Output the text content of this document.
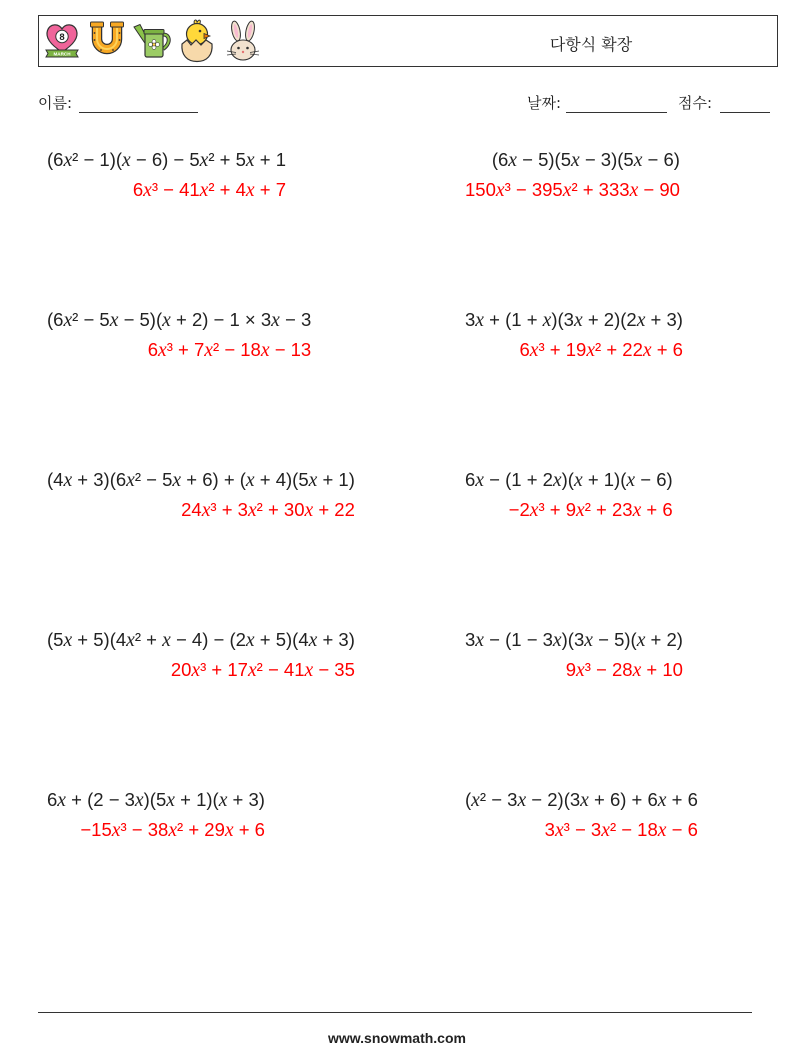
8
MARCH	다항식 확장
이름:	날짜:	점수:
(6x² − 1)(x − 6) − 5x² + 5x + 1
6x³ − 41x² + 4x + 7
(6x − 5)(5x − 3)(5x − 6)
150x³ − 395x² + 333x − 90
(6x² − 5x − 5)(x + 2) − 1 × 3x − 3
6x³ + 7x² − 18x − 13
3x + (1 + x)(3x + 2)(2x + 3)
6x³ + 19x² + 22x + 6
(4x + 3)(6x² − 5x + 6) + (x + 4)(5x + 1)
24x³ + 3x² + 30x + 22
6x − (1 + 2x)(x + 1)(x − 6)
−2x³ + 9x² + 23x + 6
(5x + 5)(4x² + x − 4) − (2x + 5)(4x + 3)
20x³ + 17x² − 41x − 35
3x − (1 − 3x)(3x − 5)(x + 2)
9x³ − 28x + 10
6x + (2 − 3x)(5x + 1)(x + 3)
−15x³ − 38x² + 29x + 6
(x² − 3x − 2)(3x + 6) + 6x + 6
3x³ − 3x² − 18x − 6
www.snowmath.com
